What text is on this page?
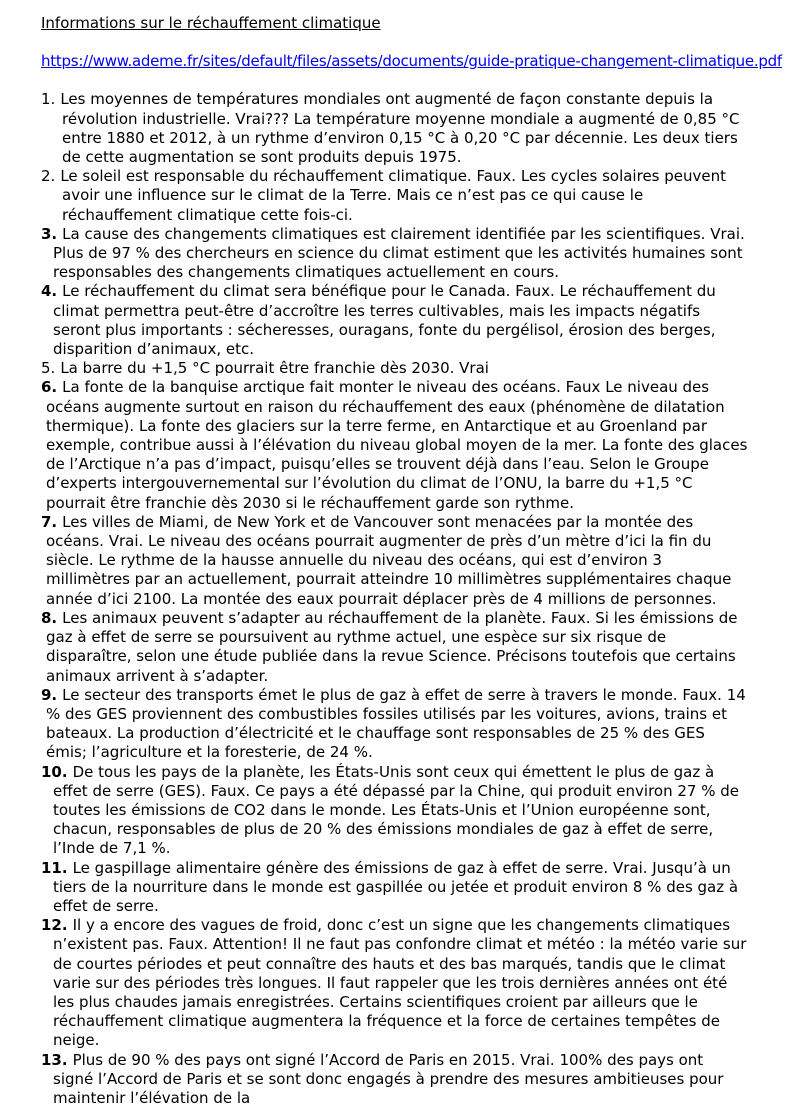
Informations sur le réchauffement climatique

https://www.ademe.fr/sites/default/files/assets/documents/guide-pratique-changement-climatique.pdf

1. Les moyennes de températures mondiales ont augmenté de façon constante depuis la révolution industrielle. Vrai??? La température moyenne mondiale a augmenté de 0,85 °C entre 1880 et 2012, à un rythme d’environ 0,15 °C à 0,20 °C par décennie. Les deux tiers de cette augmentation se sont produits depuis 1975.

2. Le soleil est responsable du réchauffement climatique. Faux. Les cycles solaires peuvent avoir une influence sur le climat de la Terre. Mais ce n’est pas ce qui cause le réchauffement climatique cette fois-ci.

3. La cause des changements climatiques est clairement identifiée par les scientifiques. Vrai. Plus de 97 % des chercheurs en science du climat estiment que les activités humaines sont responsables des changements climatiques actuellement en cours.

4. Le réchauffement du climat sera bénéfique pour le Canada. Faux. Le réchauffement du climat permettra peut-être d’accroître les terres cultivables, mais les impacts négatifs seront plus importants : sécheresses, ouragans, fonte du pergélisol, érosion des berges, disparition d’animaux, etc.

5. La barre du +1,5 °C pourrait être franchie dès 2030. Vrai

6. La fonte de la banquise arctique fait monter le niveau des océans. Faux Le niveau des océans augmente surtout en raison du réchauffement des eaux (phénomène de dilatation thermique). La fonte des glaciers sur la terre ferme, en Antarctique et au Groenland par exemple, contribue aussi à l’élévation du niveau global moyen de la mer. La fonte des glaces de l’Arctique n’a pas d’impact, puisqu’elles se trouvent déjà dans l’eau. Selon le Groupe d’experts intergouvernemental sur l’évolution du climat de l’ONU, la barre du +1,5 °C pourrait être franchie dès 2030 si le réchauffement garde son rythme.

7. Les villes de Miami, de New York et de Vancouver sont menacées par la montée des océans. Vrai. Le niveau des océans pourrait augmenter de près d’un mètre d’ici la fin du siècle. Le rythme de la hausse annuelle du niveau des océans, qui est d’environ 3 millimètres par an actuellement, pourrait atteindre 10 millimètres supplémentaires chaque année d’ici 2100. La montée des eaux pourrait déplacer près de 4 millions de personnes.

8. Les animaux peuvent s’adapter au réchauffement de la planète. Faux. Si les émissions de gaz à effet de serre se poursuivent au rythme actuel, une espèce sur six risque de disparaître, selon une étude publiée dans la revue Science. Précisons toutefois que certains animaux arrivent à s’adapter.

9. Le secteur des transports émet le plus de gaz à effet de serre à travers le monde. Faux. 14 % des GES proviennent des combustibles fossiles utilisés par les voitures, avions, trains et bateaux. La production d’électricité et le chauffage sont responsables de 25 % des GES émis; l’agriculture et la foresterie, de 24 %.

10. De tous les pays de la planète, les États-Unis sont ceux qui émettent le plus de gaz à effet de serre (GES). Faux. Ce pays a été dépassé par la Chine, qui produit environ 27 % de toutes les émissions de CO2 dans le monde. Les États-Unis et l’Union européenne sont, chacun, responsables de plus de 20 % des émissions mondiales de gaz à effet de serre, l’Inde de 7,1 %.

11. Le gaspillage alimentaire génère des émissions de gaz à effet de serre. Vrai. Jusqu’à un tiers de la nourriture dans le monde est gaspillée ou jetée et produit environ 8 % des gaz à effet de serre.

12. Il y a encore des vagues de froid, donc c’est un signe que les changements climatiques n’existent pas. Faux. Attention! Il ne faut pas confondre climat et météo : la météo varie sur de courtes périodes et peut connaître des hauts et des bas marqués, tandis que le climat varie sur des périodes très longues. Il faut rappeler que les trois dernières années ont été les plus chaudes jamais enregistrées. Certains scientifiques croient par ailleurs que le réchauffement climatique augmentera la fréquence et la force de certaines tempêtes de neige.

13. Plus de 90 % des pays ont signé l’Accord de Paris en 2015. Vrai. 100% des pays ont signé l’Accord de Paris et se sont donc engagés à prendre des mesures ambitieuses pour maintenir l’élévation de la
